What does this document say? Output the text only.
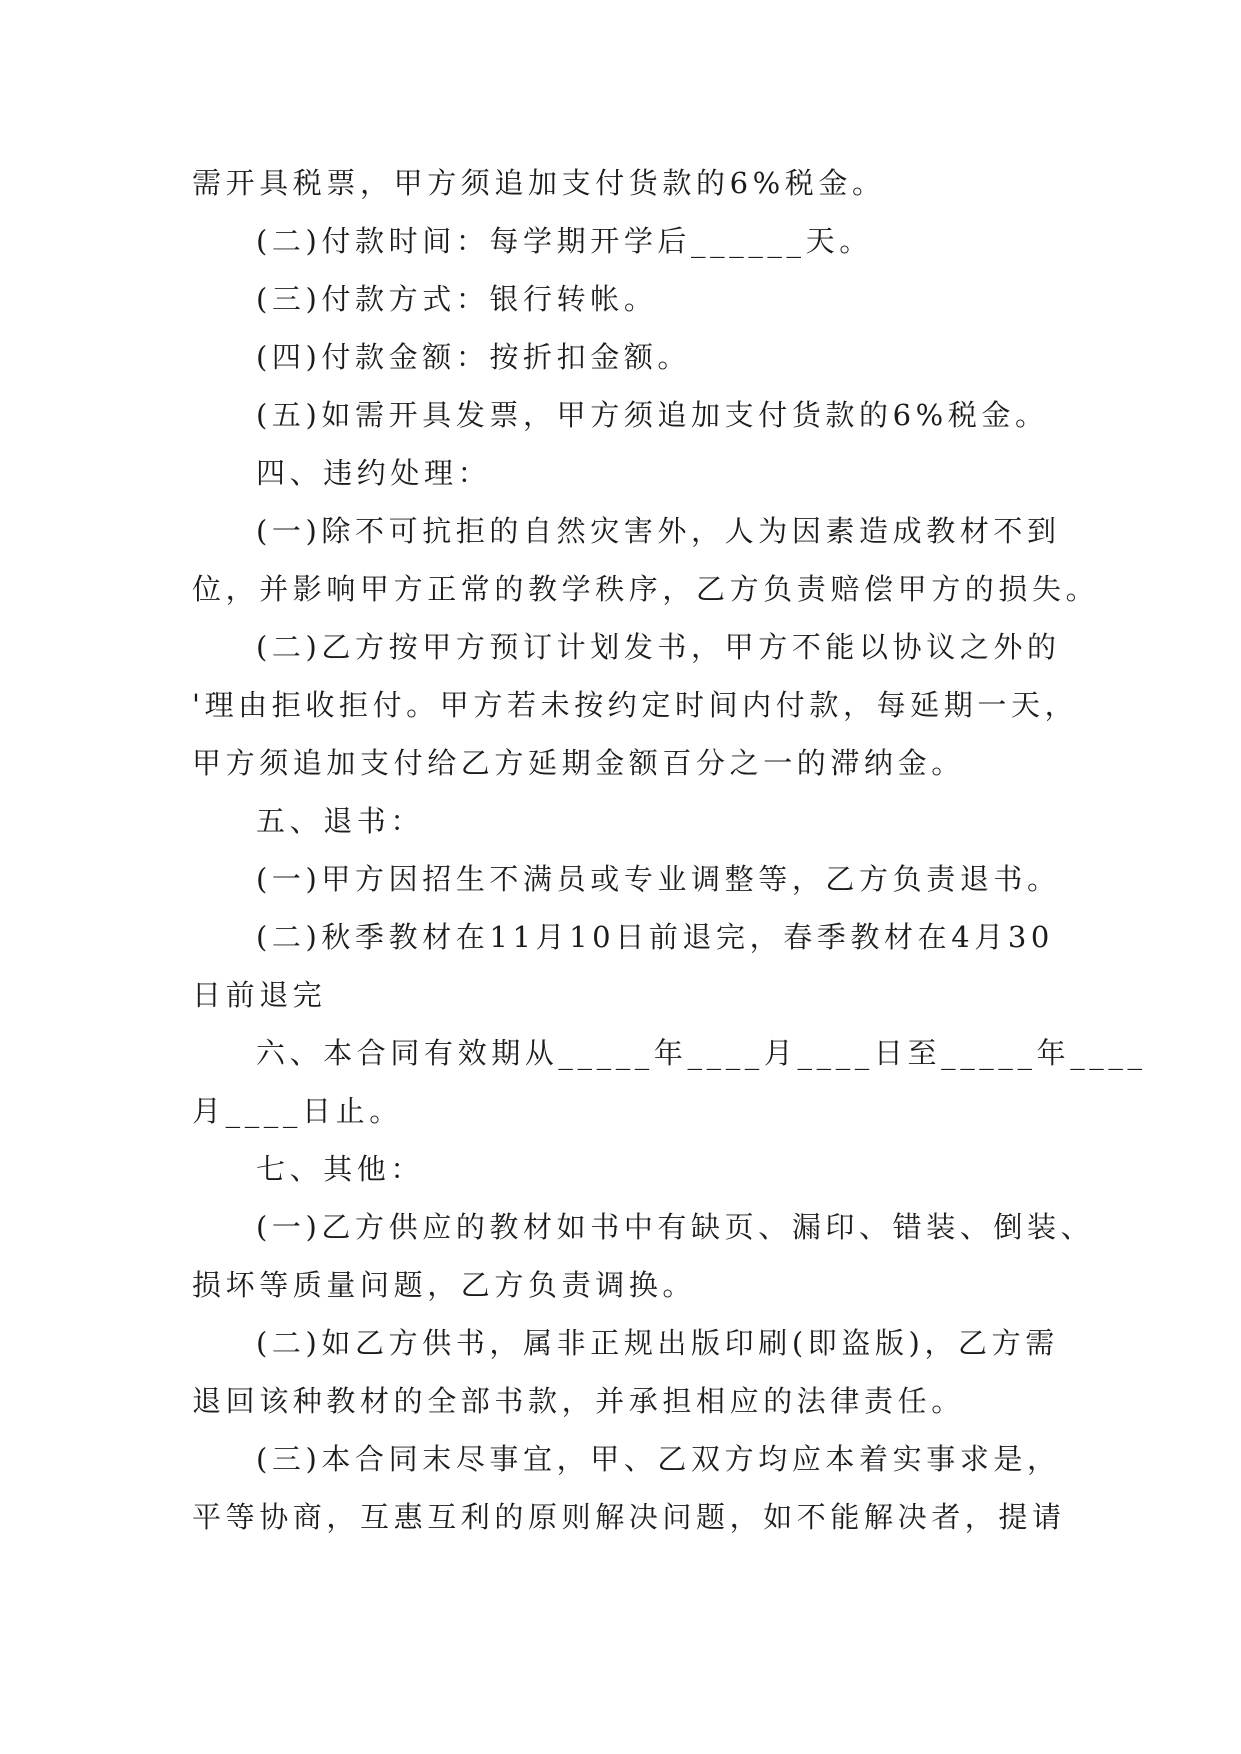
需开具税票，甲方须追加支付货款的6%税金。
(二)付款时间：每学期开学后______天。
(三)付款方式：银行转帐。
(四)付款金额：按折扣金额。
(五)如需开具发票，甲方须追加支付货款的6%税金。
四、违约处理：
(一)除不可抗拒的自然灾害外，人为因素造成教材不到
位，并影响甲方正常的教学秩序，乙方负责赔偿甲方的损失。
(二)乙方按甲方预订计划发书，甲方不能以协议之外的
'理由拒收拒付。甲方若未按约定时间内付款，每延期一天，
甲方须追加支付给乙方延期金额百分之一的滞纳金。
五、退书：
(一)甲方因招生不满员或专业调整等，乙方负责退书。
(二)秋季教材在11月10日前退完，春季教材在4月30
日前退完
六、本合同有效期从_____年____月____日至_____年____
月____日止。
七、其他：
(一)乙方供应的教材如书中有缺页、漏印、错装、倒装、
损坏等质量问题，乙方负责调换。
(二)如乙方供书，属非正规出版印刷(即盗版)，乙方需
退回该种教材的全部书款，并承担相应的法律责任。
(三)本合同末尽事宜，甲、乙双方均应本着实事求是，
平等协商，互惠互利的原则解决问题，如不能解决者，提请
